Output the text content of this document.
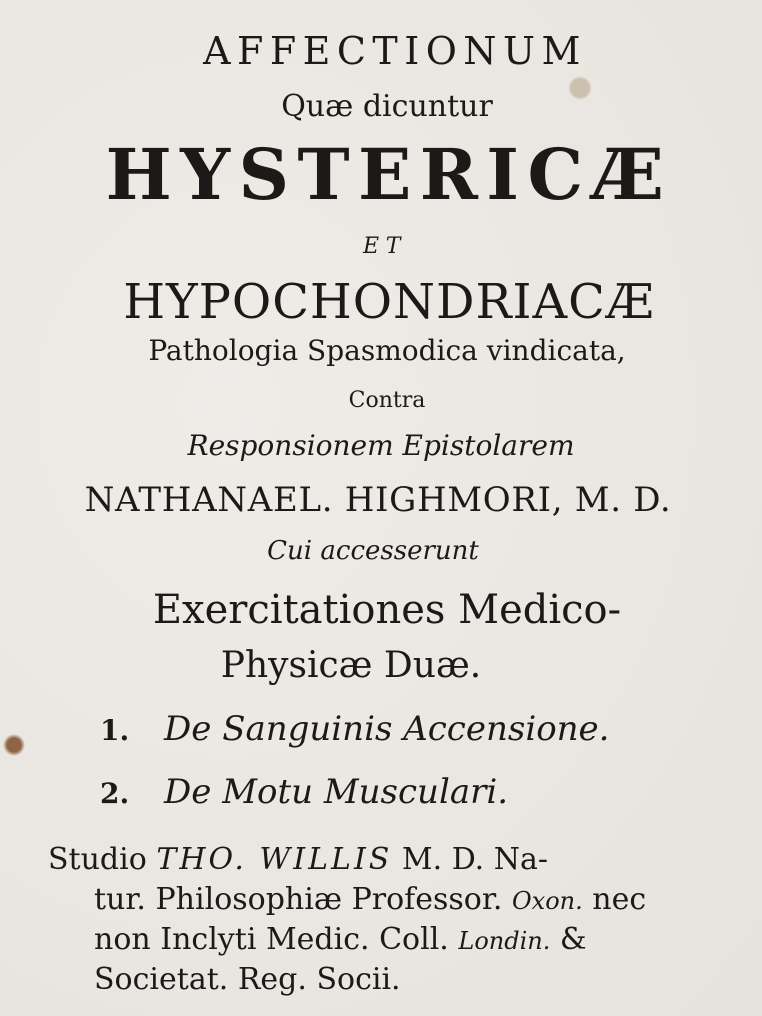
AFFECTIONUM
Quæ dicuntur
HYSTERICÆ
ET
HYPOCHONDRIACÆ
Pathologia Spasmodica vindicata,
Contra
Responsionem Epistolarem
NATHANAEL. HIGHMORI, M. D.
Cui accesserunt
Exercitationes Medico-
Physicæ Duæ.
1. De Sanguinis Accensione.
2. De Motu Musculari.
Studio THO. WILLIS M. D. Na-
tur. Philosophiæ Professor. Oxon. nec
non Inclyti Medic. Coll. Londin. &
Societat. Reg. Socii.
